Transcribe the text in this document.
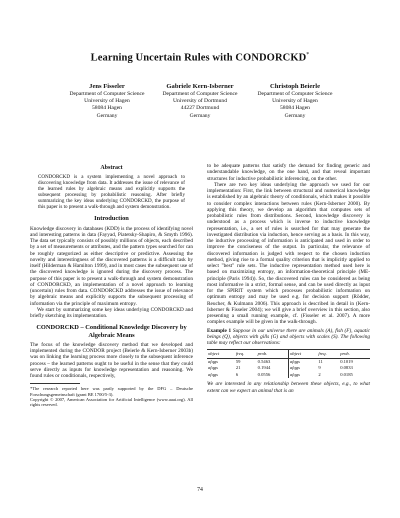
Learning Uncertain Rules with CONDORCKD*
Jens Fisseler
Department of Computer Science
University of Hagen
58084 Hagen
Germany
Gabriele Kern-Isberner
Department of Computer Science
University of Dortmund
44227 Dortmund
Germany
Christoph Beierle
Department of Computer Science
University of Hagen
58084 Hagen
Germany
Abstract
CONDORCKD is a system implementing a novel approach to discovering knowledge from data. It addresses the issue of relevance of the learned rules by algebraic means and explicitly supports the subsequent processing by probabilistic reasoning. After briefly summarizing the key ideas underlying CONDORCKD, the purpose of this paper is to present a walk-through and system demonstration.
Introduction

Knowledge discovery in databases (KDD) is the process of identifying novel and interesting patterns in data (Fayyad, Piatetsky-Shapiro, & Smyth 1996). The data set typically consists of possibly millions of objects, each described by a set of measurements or attributes, and the pattern types searched for can be roughly categorized as either descriptive or predictive. Assessing the novelty and interestingness of the discovered patterns is a difficult task by itself (Hilderman & Hamilton 1999), and in most cases the subsequent use of the discovered knowledge is ignored during the discovery process. The purpose of this paper is to present a walk-through and system demonstration of CONDORCKD, an implementation of a novel approach to learning (uncertain) rules from data. CONDORCKD addresses the issue of relevance by algebraic means and explicitly supports the subsequent processing of information via the principle of maximum entropy.

We start by summarizing some key ideas underlying CONDORCKD and briefly sketching its implementation.

CONDORCKD – Conditional Knowledge Discovery by Algebraic Means

The focus of the knowledge discovery method that we developed and implemented during the CONDOR project (Beierle & Kern-Isberner 2003b) was on linking the learning process more closely to the subsequent inference process – the learned patterns ought to be useful in the sense that they could serve directly as inputs for knowledge representation and reasoning. We found rules or conditionals, respectively,

*The research reported here was partly supported by the DFG – Deutsche Forschungsgemeinschaft (grant BE 1700/5-3).
Copyright © 2007, American Association for Artificial Intelligence (www.aaai.org). All rights reserved.

to be adequate patterns that satisfy the demand for finding generic and understandable knowledge, on the one hand, and that reveal important structures for inductive probabilistic inferencing, on the other.

There are two key ideas underlying the approach we used for our implementation: First, the link between structural and numerical knowledge is established by an algebraic theory of conditionals, which makes it possible to consider complex interactions between rules (Kern-Isberner 2000). By applying this theory, we develop an algorithm that computes sets of probabilistic rules from distributions. Second, knowledge discovery is understood as a process which is inverse to inductive knowledge representation, i.e., a set of rules is searched for that may generate the investigated distribution via induction, hence serving as a basis. In this way, the inductive processing of information is anticipated and used in order to improve the conciseness of the output. In particular, the relevance of discovered information is judged with respect to the chosen induction method, giving rise to a formal quality criterion that is implicitly applied to select "best" rule sets. The inductive representation method used here is based on maximizing entropy, an information-theoretical principle (ME-principle (Paris 1994)). So, the discovered rules can be considered as being most informative in a strict, formal sense, and can be used directly as input for the SPIRIT system which processes probabilistic information on optimum entropy and may be used e.g. for decision support (Rödder, Reucher, & Kulmann 2006). This approach is described in detail in (Kern-Isberner & Fisseler 2004); we will give a brief overview in this section, also presenting a small running example, cf. (Fisseler et al. 2007). A more complex example will be given in the walk-through.

Example 1 Suppose in our universe there are animals (A), fish (F), aquatic beings (Q), objects with gills (G) and objects with scales (S). The following table may reflect our observations:

object	freq.	prob.	object	freq.	prob.
afqgs	59	0.5463	afqgs	11	0.1019
afqgs	21	0.1944	afqgs	9	0.0833
afqgs	6	0.0556	afqgs	2	0.0185

We are interested in any relationship between these objects, e.g., to what extent can we expect an animal that is an

74
